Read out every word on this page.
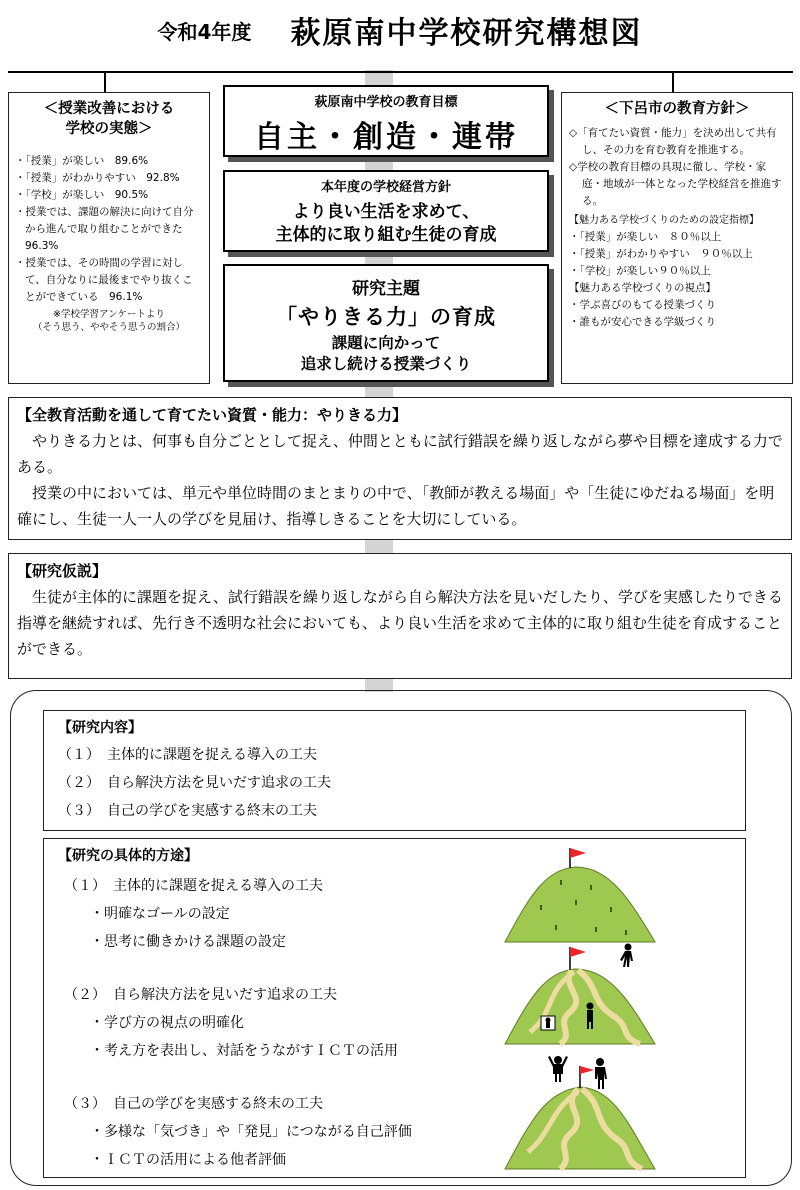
令和4年度 萩原南中学校研究構想図
＜授業改善における
学校の実態＞
・「授業」が楽しい　89.6%
・「授業」がわかりやすい　92.8%
・「学校」が楽しい　90.5%
・授業では、課題の解決に向けて自分から進んで取り組むことができた　　96.3%
・授業では、その時間の学習に対して、自分なりに最後までやり抜くことができている　96.1%
※学校学習アンケートより
（そう思う、ややそう思うの割合）
萩原南中学校の教育目標
自主・創造・連帯
本年度の学校経営方針
より良い生活を求めて、
主体的に取り組む生徒の育成
研究主題
「やりきる力」の育成
課題に向かって
追求し続ける授業づくり
＜下呂市の教育方針＞
◇「育てたい資質・能力」を決め出して共有し、その力を育む教育を推進する。
◇学校の教育目標の具現に徹し、学校・家庭・地域が一体となった学校経営を推進する。
【魅力ある学校づくりのための設定指標】
・「授業」が楽しい　８０％以上
・「授業」がわかりやすい　９０％以上
・「学校」が楽しい９０％以上
【魅力ある学校づくりの視点】
・学ぶ喜びのもてる授業づくり
・誰もが安心できる学級づくり
【全教育活動を通して育てたい資質・能力：やりきる力】

やりきる力とは、何事も自分ごととして捉え、仲間とともに試行錯誤を繰り返しながら夢や目標を達成する力である。

授業の中においては、単元や単位時間のまとまりの中で、「教師が教える場面」や「生徒にゆだねる場面」を明確にし、生徒一人一人の学びを見届け、指導しきることを大切にしている。

【研究仮説】

生徒が主体的に課題を捉え、試行錯誤を繰り返しながら自ら解決方法を見いだしたり、学びを実感したりできる指導を継続すれば、先行き不透明な社会においても、より良い生活を求めて主体的に取り組む生徒を育成することができる。

【研究内容】
（１）　主体的に課題を捉える導入の工夫
（２）　自ら解決方法を見いだす追求の工夫
（３）　自己の学びを実感する終末の工夫
【研究の具体的方途】
（１）　主体的に課題を捉える導入の工夫
・明確なゴールの設定
・思考に働きかける課題の設定
（２）　自ら解決方法を見いだす追求の工夫
・学び方の視点の明確化
・考え方を表出し、対話をうながすＩＣＴの活用
（３）　自己の学びを実感する終末の工夫
・多様な「気づき」や「発見」につながる自己評価
・ＩＣＴの活用による他者評価
